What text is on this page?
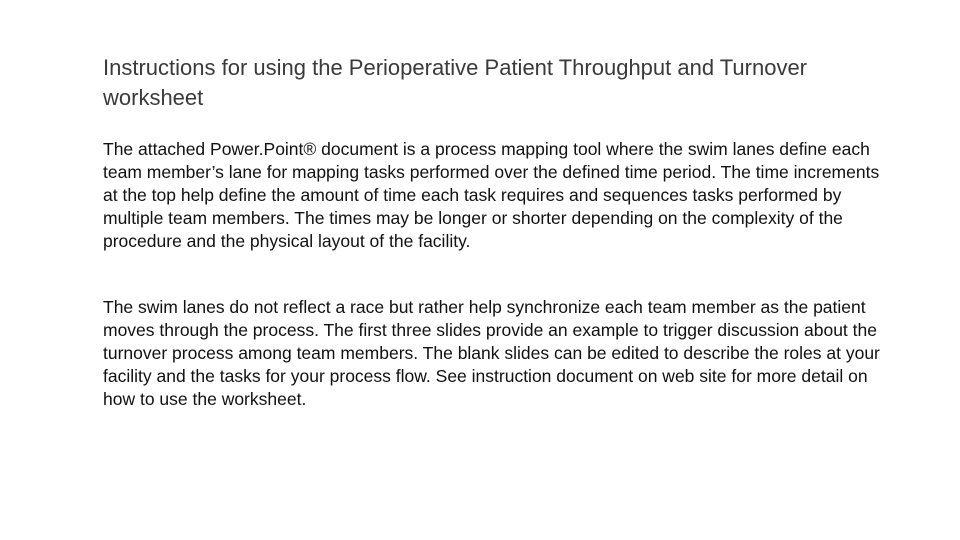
Instructions for using the Perioperative Patient Throughput and Turnover worksheet

The attached Power.Point® document is a process mapping tool where the swim lanes define each team member’s lane for mapping tasks performed over the defined time period. The time increments at the top help define the amount of time each task requires and sequences tasks performed by multiple team members. The times may be longer or shorter depending on the complexity of the procedure and the physical layout of the facility.

The swim lanes do not reflect a race but rather help synchronize each team member as the patient moves through the process. The first three slides provide an example to trigger discussion about the turnover process among team members. The blank slides can be edited to describe the roles at your facility and the tasks for your process flow. See instruction document on web site for more detail on how to use the worksheet.
